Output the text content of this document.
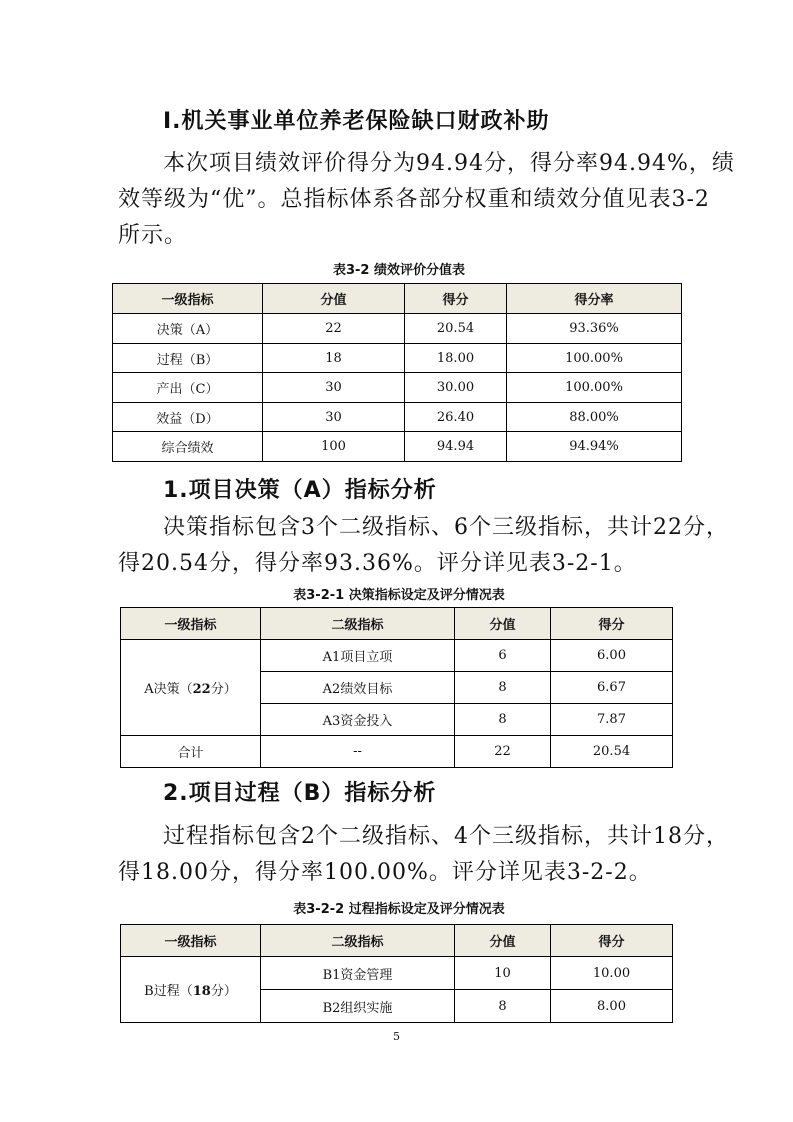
Ⅰ.机关事业单位养老保险缺口财政补助
本次项目绩效评价得分为94.94分，得分率94.94%，绩
效等级为“优”。总指标体系各部分权重和绩效分值见表3-2
所示。
表3-2 绩效评价分值表
一级指标	分值	得分	得分率
决策（A）	22	20.54	93.36%
过程（B）	18	18.00	100.00%
产出（C）	30	30.00	100.00%
效益（D）	30	26.40	88.00%
综合绩效	100	94.94	94.94%
1.项目决策（A）指标分析
决策指标包含3个二级指标、6个三级指标，共计22分，
得20.54分，得分率93.36%。评分详见表3-2-1。
表3-2-1 决策指标设定及评分情况表
一级指标	二级指标	分值	得分
A决策（22分）	A1项目立项	6	6.00
	A2绩效目标	8	6.67
	A3资金投入	8	7.87
合计	--	22	20.54
2.项目过程（B）指标分析
过程指标包含2个二级指标、4个三级指标，共计18分，
得18.00分，得分率100.00%。评分详见表3-2-2。
表3-2-2 过程指标设定及评分情况表
一级指标	二级指标	分值	得分
B过程（18分）	B1资金管理	10	10.00
	B2组织实施	8	8.00
5
